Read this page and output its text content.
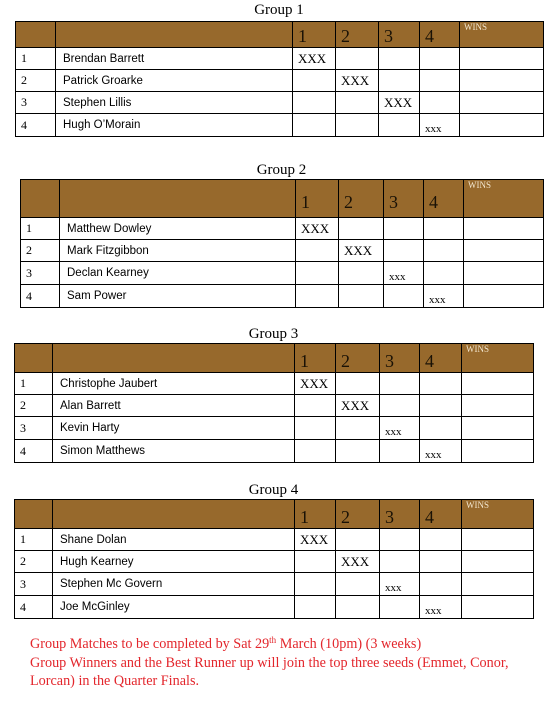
Group 1
		1	2	3	4	WINS
1	Brendan Barrett	XXX				
2	Patrick Groarke		XXX			
3	Stephen Lillis			XXX		
4	Hugh O’Morain				xxx	
Group 2
		1	2	3	4	WINS
1	Matthew Dowley	XXX				
2	Mark Fitzgibbon		XXX			
3	Declan Kearney			xxx		
4	Sam Power				xxx	
Group 3
		1	2	3	4	WINS
1	Christophe Jaubert	XXX				
2	Alan Barrett		XXX			
3	Kevin Harty			xxx		
4	Simon Matthews				xxx	
Group 4
		1	2	3	4	WINS
1	Shane Dolan	XXX				
2	Hugh Kearney		XXX			
3	Stephen Mc Govern			xxx		
4	Joe McGinley				xxx	

Group Matches to be completed by Sat 29th March (10pm) (3 weeks)

Group Winners and the Best Runner up will join the top three seeds (Emmet, Conor, Lorcan) in the Quarter Finals.
